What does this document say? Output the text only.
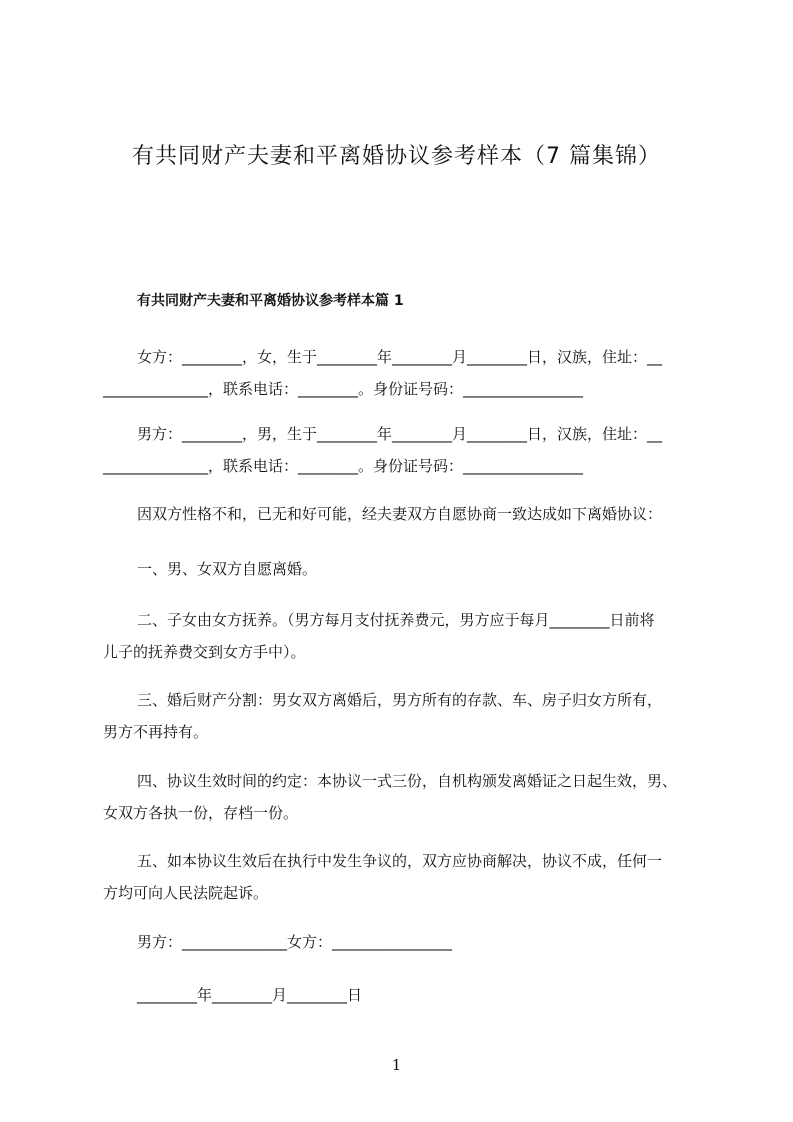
有共同财产夫妻和平离婚协议参考样本（7 篇集锦）
有共同财产夫妻和平离婚协议参考样本篇 1
女方：________，女，生于________年________月________日，汉族，住址：__
______________，联系电话：________。身份证号码：________________
男方：________，男，生于________年________月________日，汉族，住址：__
______________，联系电话：________。身份证号码：________________
因双方性格不和，已无和好可能，经夫妻双方自愿协商一致达成如下离婚协议：
一、男、女双方自愿离婚。
二、子女由女方抚养。（男方每月支付抚养费元，男方应于每月________日前将
儿子的抚养费交到女方手中）。
三、婚后财产分割：男女双方离婚后，男方所有的存款、车、房子归女方所有，
男方不再持有。
四、协议生效时间的约定：本协议一式三份，自机构颁发离婚证之日起生效，男、
女双方各执一份，存档一份。
五、如本协议生效后在执行中发生争议的，双方应协商解决，协议不成，任何一
方均可向人民法院起诉。
男方：______________女方：________________
________年________月________日
1
